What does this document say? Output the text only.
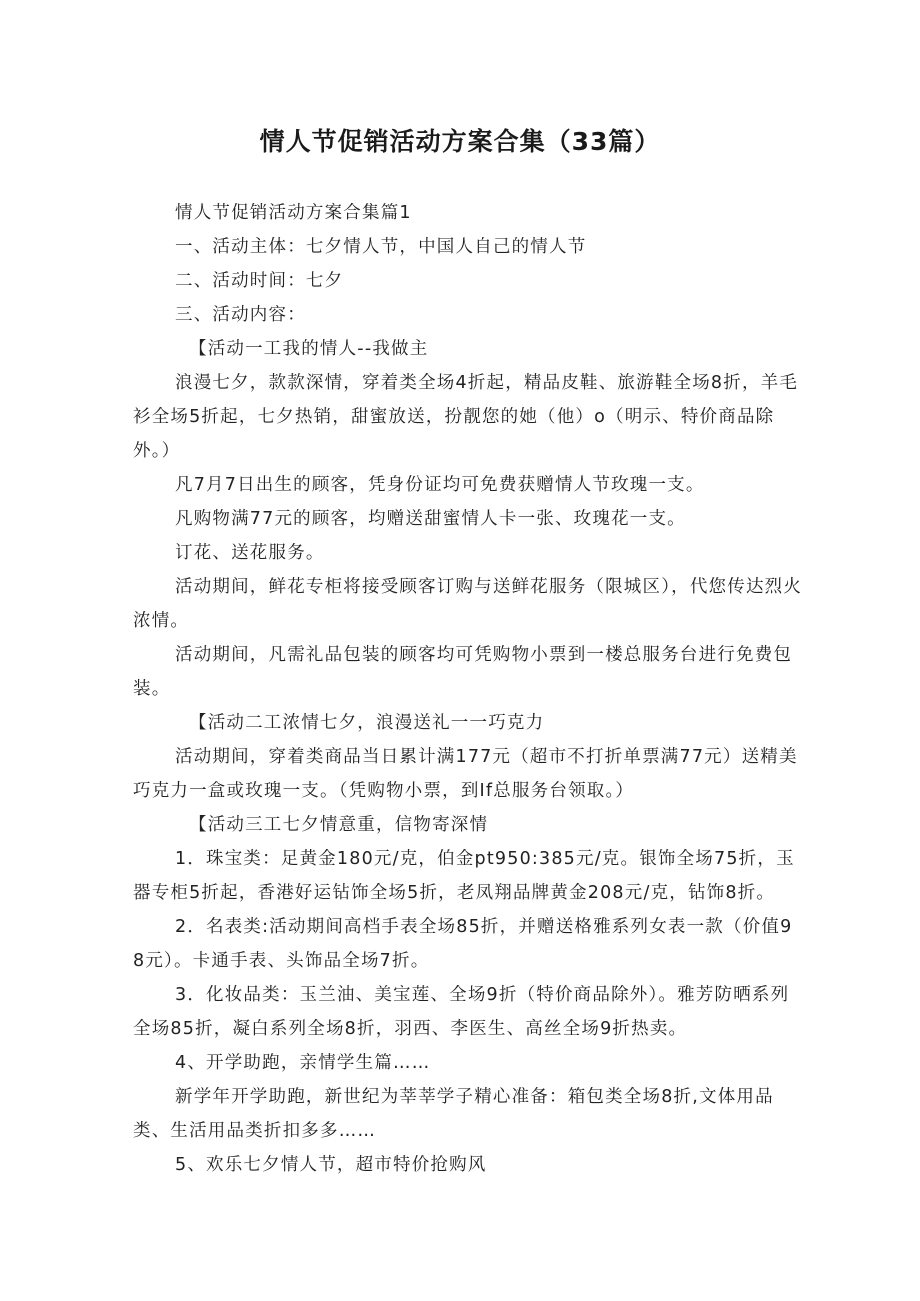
情人节促销活动方案合集（33篇）

情人节促销活动方案合集篇1

一、活动主体：七夕情人节，中国人自己的情人节

二、活动时间：七夕

三、活动内容：

【活动一工我的情人--我做主

浪漫七夕，款款深情，穿着类全场4折起，精品皮鞋、旅游鞋全场8折，羊毛衫全场5折起，七夕热销，甜蜜放送，扮靓您的她（他）o（明示、特价商品除外。）

凡7月7日出生的顾客，凭身份证均可免费获赠情人节玫瑰一支。

凡购物满77元的顾客，均赠送甜蜜情人卡一张、玫瑰花一支。

订花、送花服务。

活动期间，鲜花专柜将接受顾客订购与送鲜花服务（限城区），代您传达烈火浓情。

活动期间，凡需礼品包装的顾客均可凭购物小票到一楼总服务台进行免费包装。

【活动二工浓情七夕，浪漫送礼一一巧克力

活动期间，穿着类商品当日累计满177元（超市不打折单票满77元）送精美巧克力一盒或玫瑰一支。（凭购物小票，到If总服务台领取。）

【活动三工七夕情意重，信物寄深情

1．珠宝类：足黄金180元/克，伯金pt950:385元/克。银饰全场75折，玉器专柜5折起，香港好运钻饰全场5折，老凤翔品牌黄金208元/克，钻饰8折。

2．名表类:活动期间高档手表全场85折，并赠送格雅系列女表一款（价值98元）。卡通手表、头饰品全场7折。

3．化妆品类：玉兰油、美宝莲、全场9折（特价商品除外）。雅芳防晒系列全场85折，凝白系列全场8折，羽西、李医生、高丝全场9折热卖。

4、开学助跑，亲情学生篇……

新学年开学助跑，新世纪为莘莘学子精心准备：箱包类全场8折,文体用品类、生活用品类折扣多多……

5、欢乐七夕情人节，超市特价抢购风
